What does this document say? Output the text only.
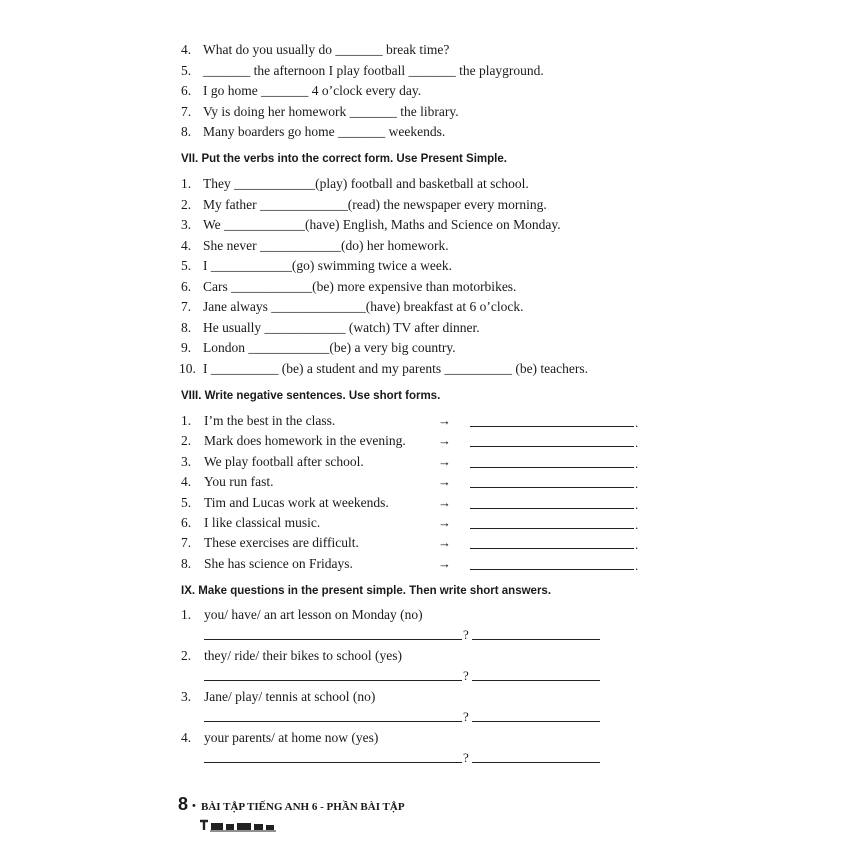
4. What do you usually do _______ break time?
5. _______ the afternoon I play football _______ the playground.
6. I go home _______ 4 o’clock every day.
7. Vy is doing her homework _______ the library.
8. Many boarders go home _______ weekends.
VII. Put the verbs into the correct form. Use Present Simple.
1. They ____________(play) football and basketball at school.
2. My father _____________(read) the newspaper every morning.
3. We ____________(have) English, Maths and Science on Monday.
4. She never ____________(do) her homework.
5. I ____________(go) swimming twice a week.
6. Cars ____________(be) more expensive than motorbikes.
7. Jane always ______________(have) breakfast at 6 o’clock.
8. He usually ____________ (watch) TV after dinner.
9. London ____________(be) a very big country.
10. I __________ (be) a student and my parents __________ (be) teachers.
VIII. Write negative sentences. Use short forms.
1. I’m the best in the class.
2. Mark does homework in the evening.
3. We play football after school.
4. You run fast.
5. Tim and Lucas work at weekends.
6. I like classical music.
7. These exercises are difficult.
8. She has science on Fridays.
→
→
→
→
→
→
→
→
.
.
.
.
.
.
.
.
IX. Make questions in the present simple. Then write short answers.
1. you/ have/ an art lesson on Monday (no)
?
2. they/ ride/ their bikes to school (yes)
?
3. Jane/ play/ tennis at school (no)
?
4. your parents/ at home now (yes)
?
8 • BÀI TẬP TIẾNG ANH 6 - PHẦN BÀI TẬP
